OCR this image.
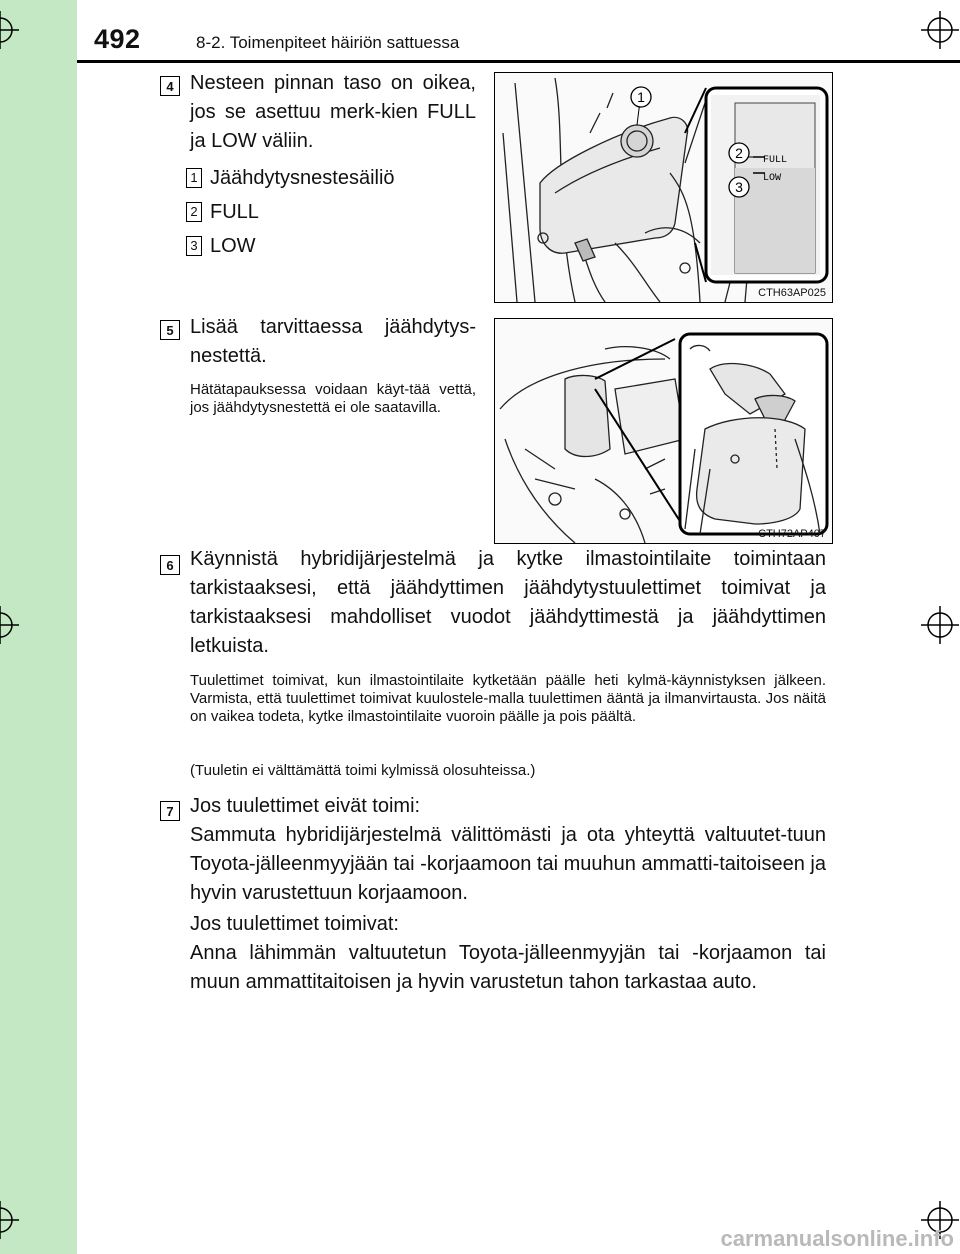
492	8-2. Toimenpiteet häiriön sattuessa
4 Nesteen pinnan taso on oikea, jos se asettuu merk-kien FULL ja LOW väliin.
1 Jäähdytysnestesäiliö
2 FULL
3 LOW
FULL
LOW
1
2
3
CTH63AP025
5 Lisää tarvittaessa jäähdytys-nestettä.
Hätätapauksessa voidaan käyt-tää vettä, jos jäähdytysnestettä ei ole saatavilla.
CTH72AP407
6 Käynnistä hybridijärjestelmä ja kytke ilmastointilaite toimintaan tarkistaaksesi, että jäähdyttimen jäähdytystuulettimet toimivat ja tarkistaaksesi mahdolliset vuodot jäähdyttimestä ja jäähdyttimen letkuista.
Tuulettimet toimivat, kun ilmastointilaite kytketään päälle heti kylmä-käynnistyksen jälkeen. Varmista, että tuulettimet toimivat kuulostele-malla tuulettimen ääntä ja ilmanvirtausta. Jos näitä on vaikea todeta, kytke ilmastointilaite vuoroin päälle ja pois päältä.
(Tuuletin ei välttämättä toimi kylmissä olosuhteissa.)
7 Jos tuulettimet eivät toimi:
Sammuta hybridijärjestelmä välittömästi ja ota yhteyttä valtuutet-tuun Toyota-jälleenmyyjään tai -korjaamoon tai muuhun ammatti-taitoiseen ja hyvin varustettuun korjaamoon.
Jos tuulettimet toimivat:
Anna lähimmän valtuutetun Toyota-jälleenmyyjän tai -korjaamon tai muun ammattitaitoisen ja hyvin varustetun tahon tarkastaa auto.
carmanualsonline.info
